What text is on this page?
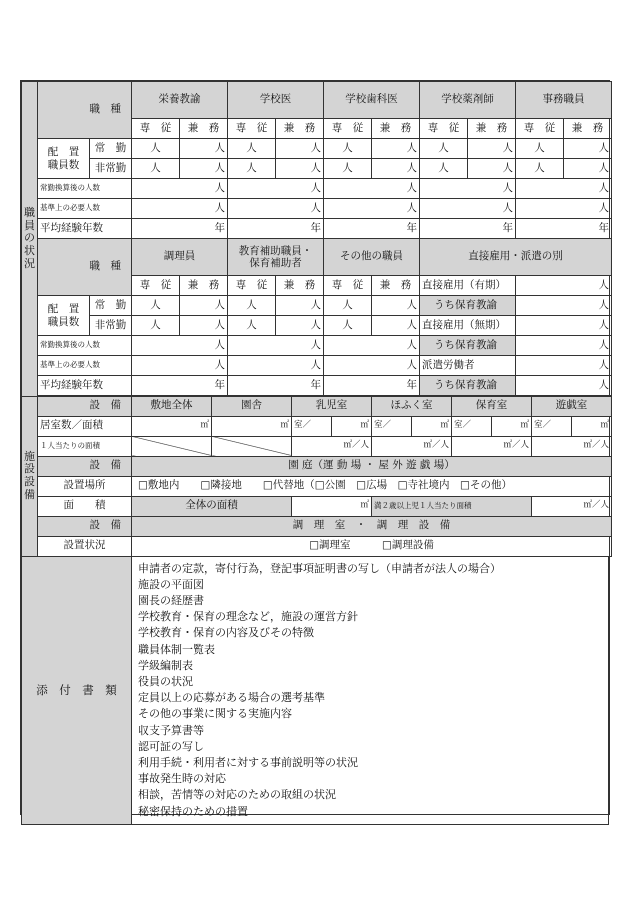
職員の状況	職　種		栄養教諭		学校医		学校歯科医		学校薬剤師		事務職員	
			専　従	兼　務	専　従	兼　務	専　従	兼　務	専　従	兼　務	専　従	兼　務
	配　置
職員数	常　勤	人	人	人	人	人	人	人	人	人	人
		非常勤	人	人	人	人	人	人	人	人	人	人
	常勤換算後の人数		人		人		人		人		人	
	基準上の必要人数		人		人		人		人		人	
	平均経験年数		年		年		年		年		年	
	職　種		調理員		教育補助職員・保育補助者		その他の職員		直接雇用・派遣の別			
			専　従	兼　務	専　従	兼　務	専　従	兼　務	直接雇用（有期）		人	
	配　置
職員数	常　勤	人	人	人	人	人	人	うち保育教諭		人	
		非常勤	人	人	人	人	人	人	直接雇用（無期）		人	
	常勤換算後の人数		人		人		人		うち保育教諭		人	
	基準上の必要人数		人		人		人		派遣労働者		人	
	平均経験年数		年		年		年		うち保育教諭		人	

施設設備	設　備	敷地全体	園舎	乳児室		ほふく室		保育室		遊戯室	
	居室数／面積	㎡	㎡	室／	㎡	室／	㎡	室／	㎡	室／	㎡
	１人当たりの面積			㎡／人		㎡／人		㎡／人		㎡／人	
	設　備	園 庭（運 動 場 ・ 屋 外 遊 戯 場）									
	設置場所	□敷地内　　□隣接地　　□代替地（□公園　□広場　□寺社境内　□その他）									
	面　　積	全体の面積		㎡		満２歳以上児１人当たり面積				㎡／人	
	設　備	調　理　室　・　調　理　設　備									
	設置状況	□調理室　　　□調理設備									
添　付　書　類	
申請者の定款，寄付行為，登記事項証明書の写し（申請者が法人の場合）
施設の平面図
園長の経歴書
学校教育・保育の理念など，施設の運営方針
学校教育・保育の内容及びその特徴
職員体制一覧表
学級編制表
役員の状況
定員以上の応募がある場合の選考基準
その他の事業に関する実施内容
収支予算書等
認可証の写し
利用手続・利用者に対する事前説明等の状況
事故発生時の対応
相談，苦情等の対応のための取組の状況
秘密保持のための措置
